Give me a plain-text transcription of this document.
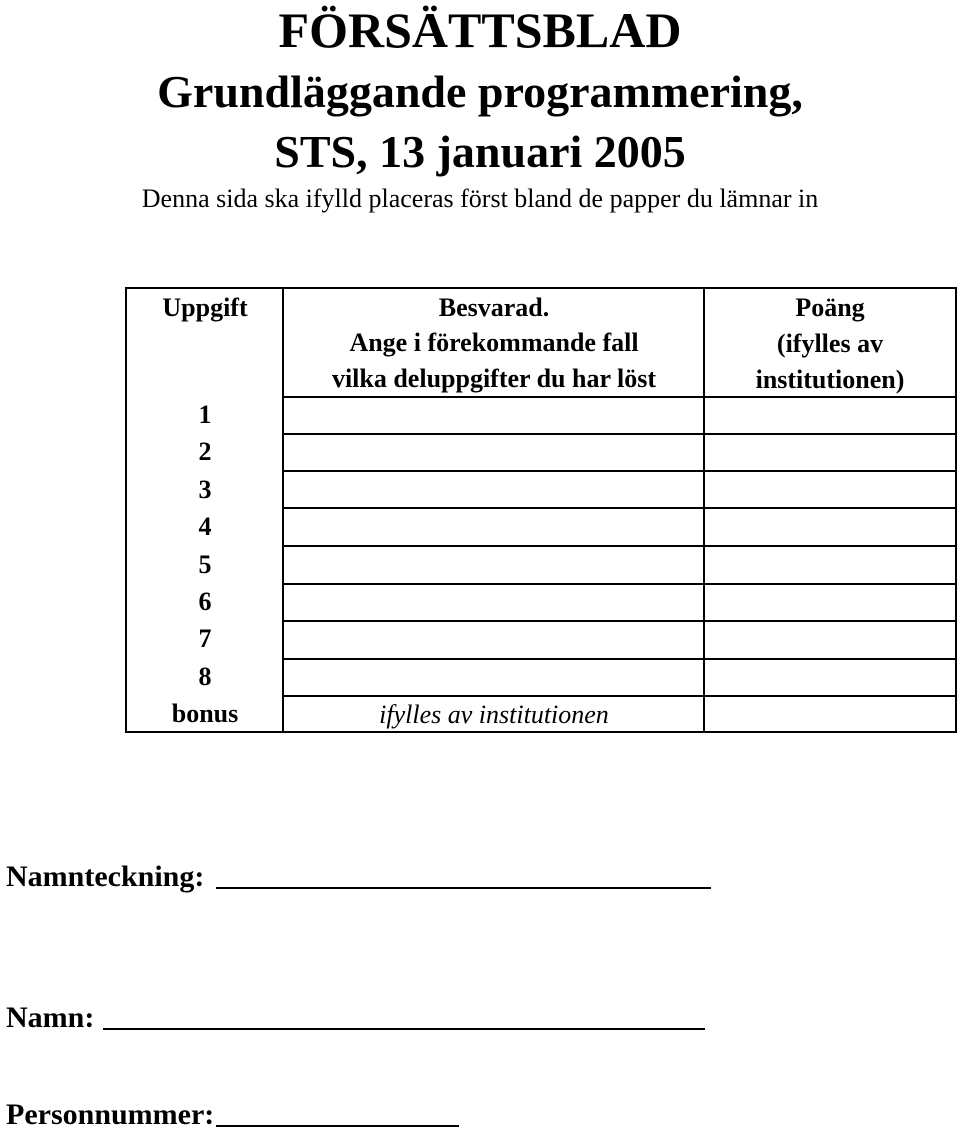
FÖRSÄTTSBLAD
Grundläggande programmering,
STS, 13 januari 2005
Denna sida ska ifylld placeras först bland de papper du lämnar in
Uppgift	Besvarad.
Ange i förekommande fall
vilka deluppgifter du har löst
Poäng
(ifylles av
institutionen)
1
2
3
4
5
6
7
8
bonus	ifylles av institutionen
Namnteckning:
Namn:
Personnummer:
